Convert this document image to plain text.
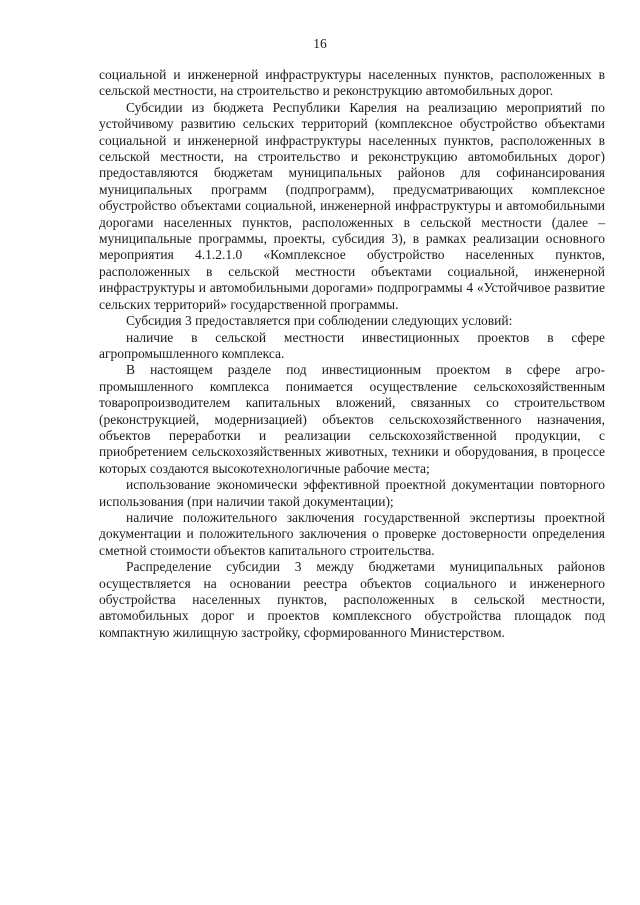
16

социальной и инженерной инфраструктуры населенных пунктов, расположенных в сельской местности, на строительство и реконструкцию автомобильных дорог.

Субсидии из бюджета Республики Карелия на реализацию мероприятий по устойчивому развитию сельских территорий (комплексное обустройство объектами социальной и инженерной инфраструктуры населенных пунктов, расположенных в сельской местности, на строительство и реконструкцию автомобильных дорог) предоставляются бюджетам муниципальных районов для софинансирования муниципальных программ (подпрограмм), предусматривающих комплексное обустройство объектами социальной, инженерной инфраструктуры и автомобильными дорогами населенных пунктов, расположенных в сельской местности (далее – муниципальные программы, проекты, субсидия 3), в рамках реализации основного мероприятия 4.1.2.1.0 «Комплексное обустройство населенных пунктов, расположенных в сельской местности объектами социальной, инженерной инфраструктуры и автомобильными дорогами» подпрограммы 4 «Устойчивое развитие сельских территорий» государственной программы.

Субсидия 3 предоставляется при соблюдении следующих условий:

наличие в сельской местности инвестиционных проектов в сфере агропромышленного комплекса.

В настоящем разделе под инвестиционным проектом в сфере агро-промышленного комплекса понимается осуществление сельскохозяйственным товаропроизводителем капитальных вложений, связанных со строительством (реконструкцией, модернизацией) объектов сельскохозяйственного назначения, объектов переработки и реализации сельскохозяйственной продукции, с приобретением сельскохозяйственных животных, техники и оборудования, в процессе которых создаются высокотехнологичные рабочие места;

использование экономически эффективной проектной документации повторного использования (при наличии такой документации);

наличие положительного заключения государственной экспертизы проектной документации и положительного заключения о проверке достоверности определения сметной стоимости объектов капитального строительства.

Распределение субсидии 3 между бюджетами муниципальных районов осуществляется на основании реестра объектов социального и инженерного обустройства населенных пунктов, расположенных в сельской местности, автомобильных дорог и проектов комплексного обустройства площадок под компактную жилищную застройку, сформированного Министерством.
